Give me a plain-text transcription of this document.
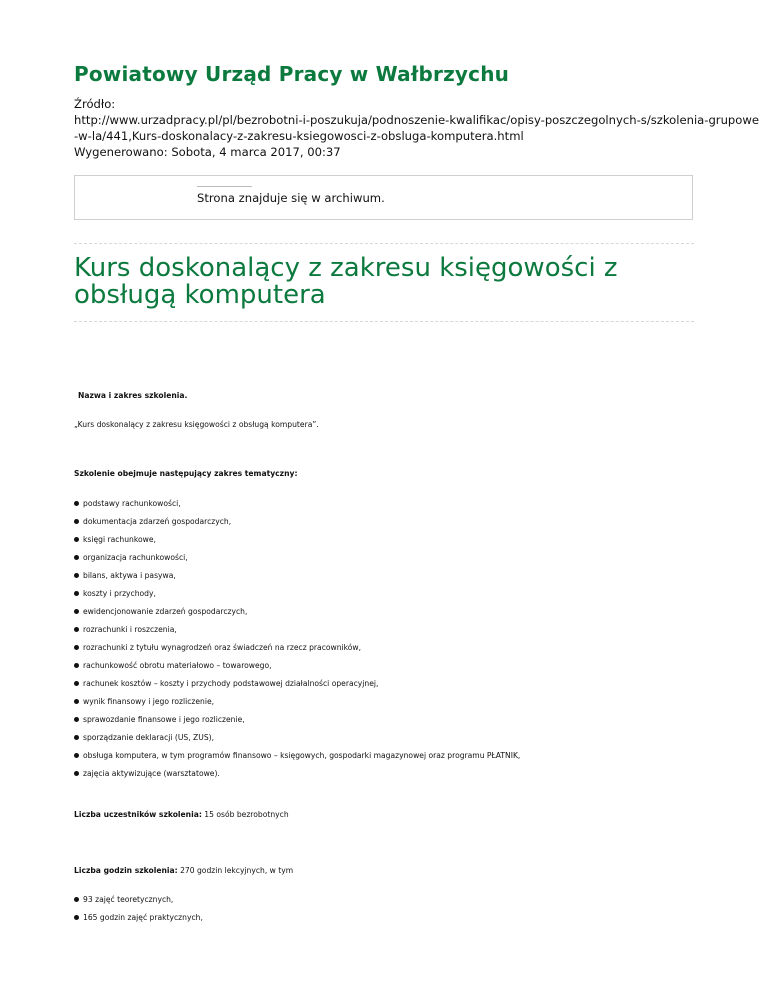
Powiatowy Urząd Pracy w Wałbrzychu
Źródło:
http://www.urzadpracy.pl/pl/bezrobotni-i-poszukuja/podnoszenie-kwalifikac/opisy-poszczegolnych-s/szkolenia-grupowe
-w-la/441,Kurs-doskonalacy-z-zakresu-ksiegowosci-z-obsluga-komputera.html
Wygenerowano: Sobota, 4 marca 2017, 00:37
Strona znajduje się w archiwum.
Kurs doskonalący z zakresu księgowości z
obsługą komputera
Nazwa i zakres szkolenia.
„Kurs doskonalący z zakresu księgowości z obsługą komputera”.
Szkolenie obejmuje następujący zakres tematyczny:
podstawy rachunkowości,
dokumentacja zdarzeń gospodarczych,
księgi rachunkowe,
organizacja rachunkowości,
bilans, aktywa i pasywa,
koszty i przychody,
ewidencjonowanie zdarzeń gospodarczych,
rozrachunki i roszczenia,
rozrachunki z tytułu wynagrodzeń oraz świadczeń na rzecz pracowników,
rachunkowość obrotu materiałowo – towarowego,
rachunek kosztów – koszty i przychody podstawowej działalności operacyjnej,
wynik finansowy i jego rozliczenie,
sprawozdanie finansowe i jego rozliczenie,
sporządzanie deklaracji (US, ZUS),
obsługa komputera, w tym programów finansowo – księgowych, gospodarki magazynowej oraz programu PŁATNIK,
zajęcia aktywizujące (warsztatowe).
Liczba uczestników szkolenia: 15 osób bezrobotnych
Liczba godzin szkolenia: 270 godzin lekcyjnych, w tym
93 zajęć teoretycznych,
165 godzin zajęć praktycznych,
